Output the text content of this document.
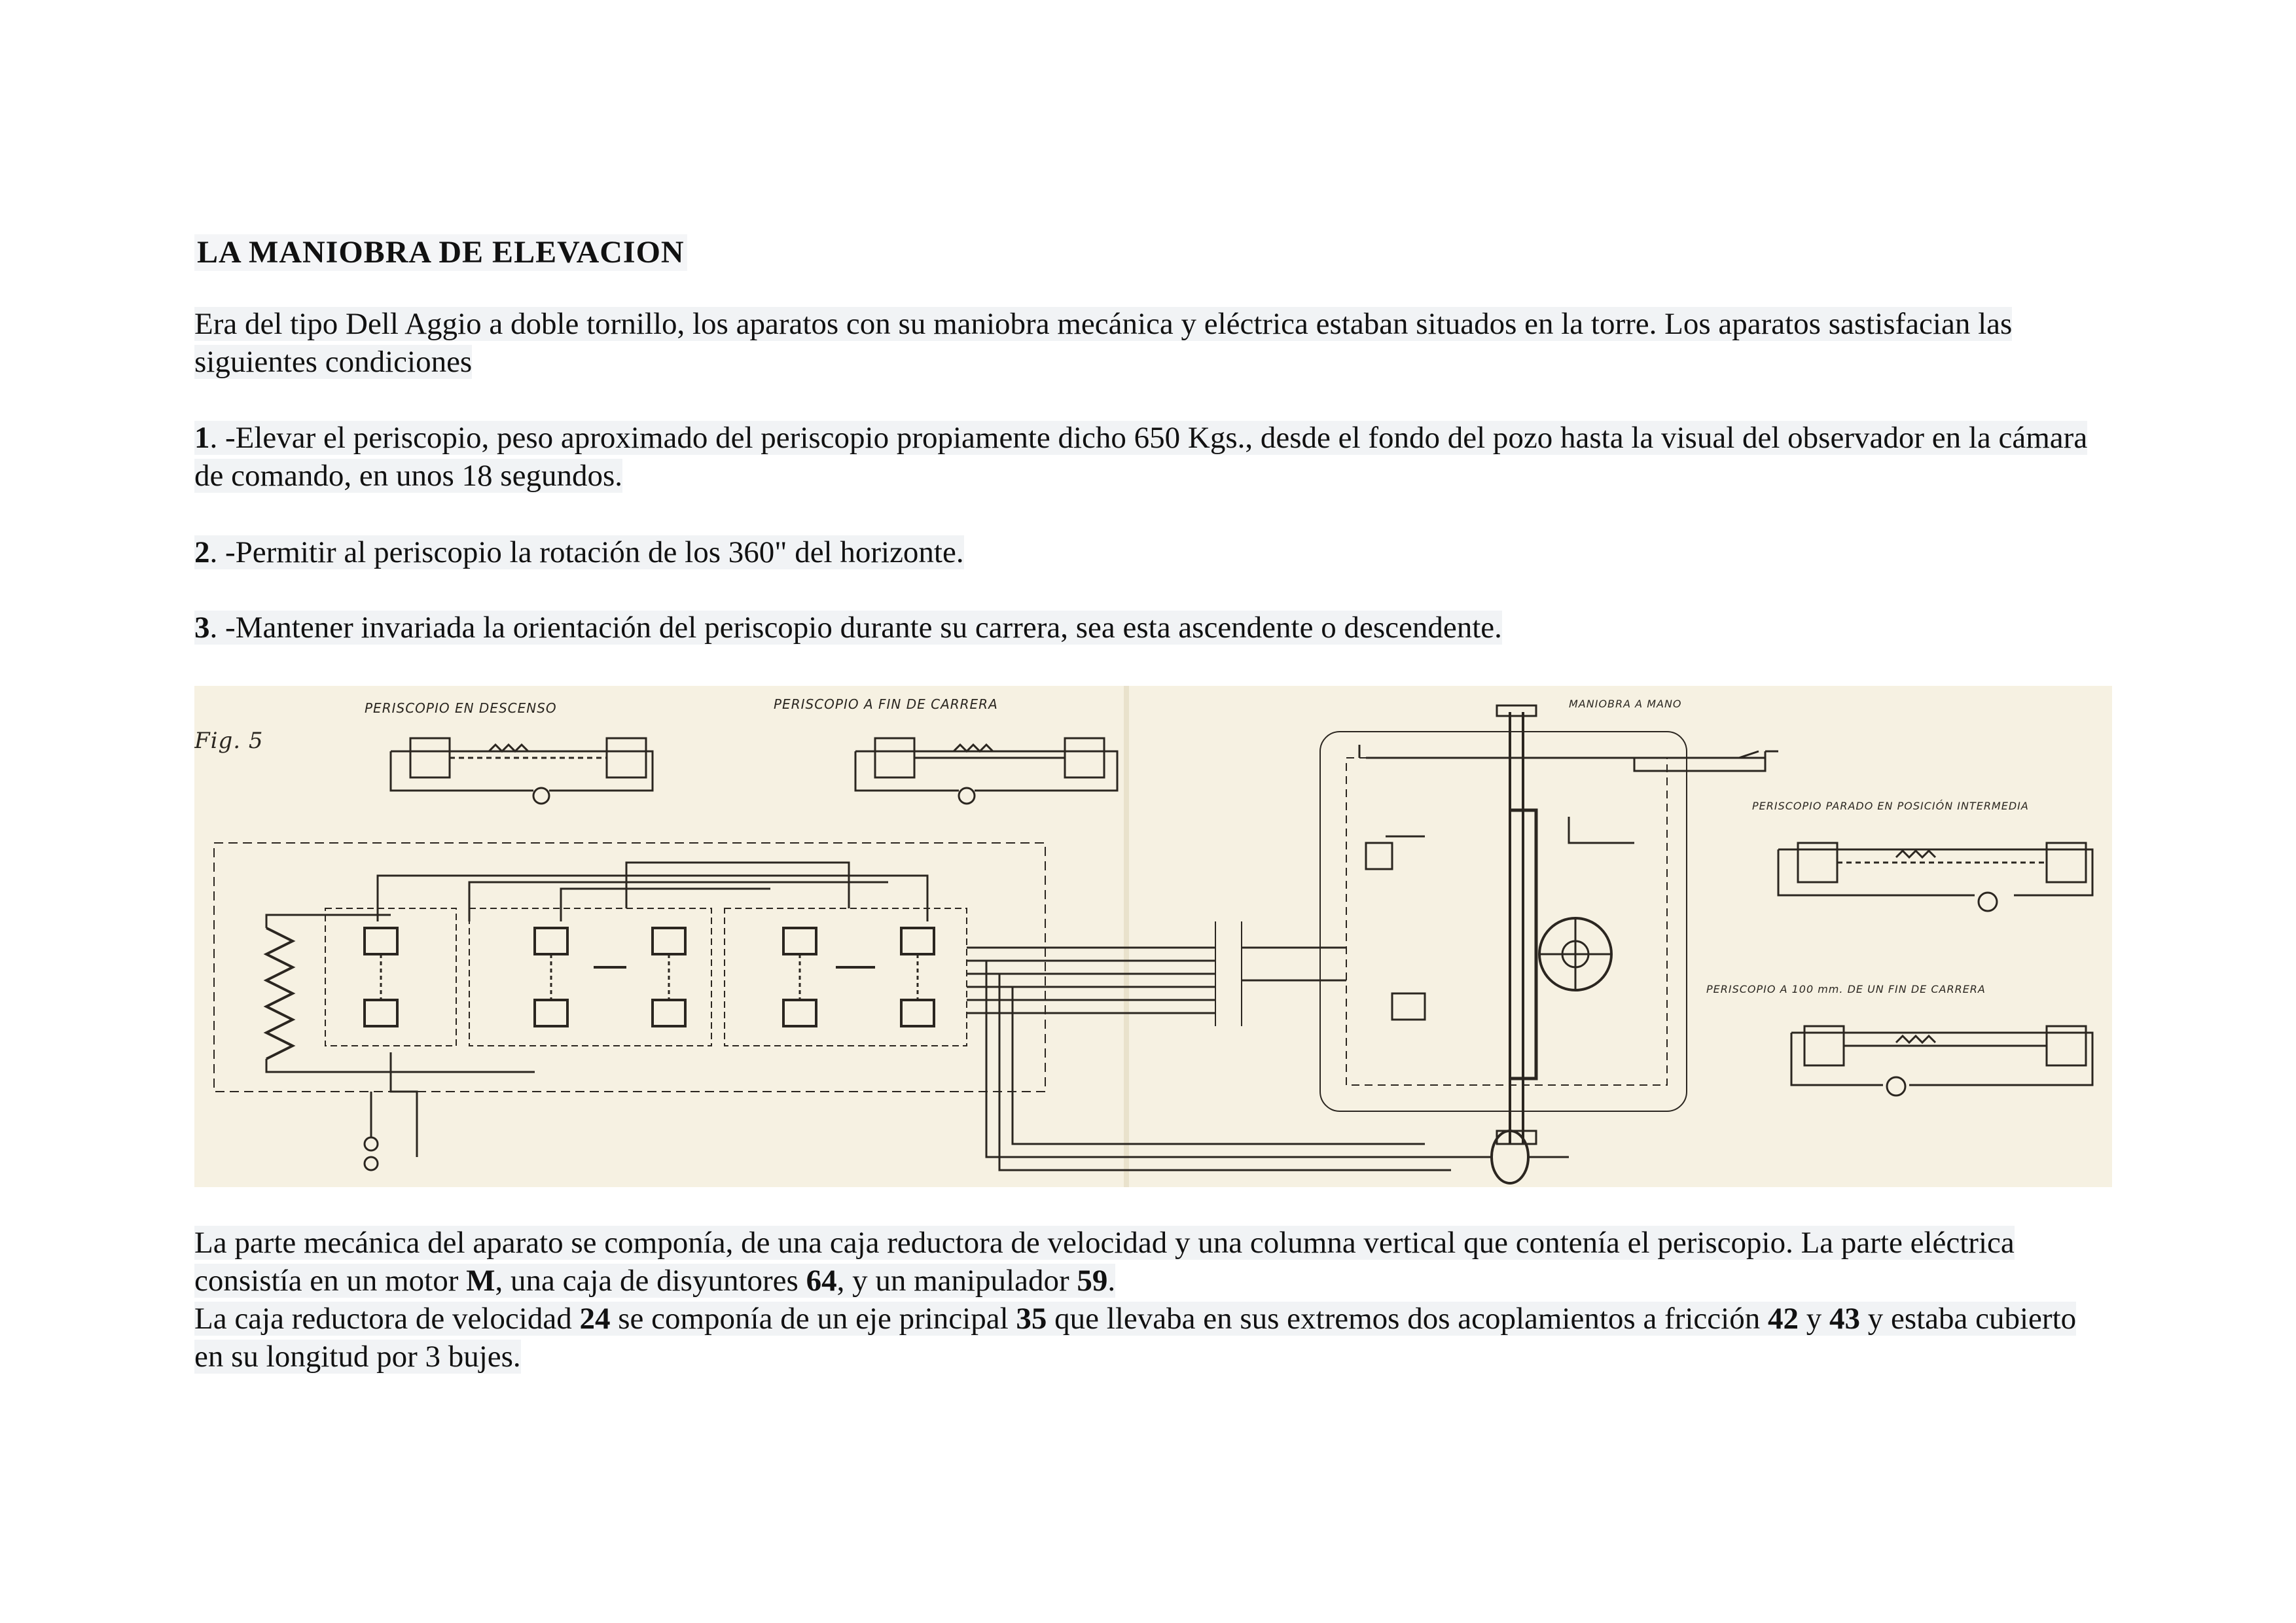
LA MANIOBRA DE ELEVACION
Era del tipo Dell Aggio a doble tornillo, los aparatos con su maniobra mecánica y eléctrica estaban situados en la torre. Los aparatos sastisfacian las siguientes condiciones
1. -Elevar el periscopio, peso aproximado del periscopio propiamente dicho 650 Kgs., desde el fondo del pozo hasta la visual del observador en la cámara de comando, en unos 18 segundos.
2. -Permitir al periscopio la rotación de los 360" del horizonte.
3. -Mantener invariada la orientación del periscopio durante su carrera, sea esta ascendente o descendente.
Fig. 5
PERISCOPIO EN DESCENSO	PERISCOPIO A FIN DE CARRERA	MANIOBRA A MANO
PERISCOPIO PARADO EN POSICIÓN INTERMEDIA
PERISCOPIO A 100 mm. DE UN FIN DE CARRERA
La parte mecánica del aparato se componía, de una caja reductora de velocidad y una columna vertical que contenía el periscopio. La parte eléctrica consistía en un motor M, una caja de disyuntores 64, y un manipulador 59.
La caja reductora de velocidad 24 se componía de un eje principal 35 que llevaba en sus extremos dos acoplamientos a fricción 42 y 43 y estaba cubierto en su longitud por 3 bujes.
